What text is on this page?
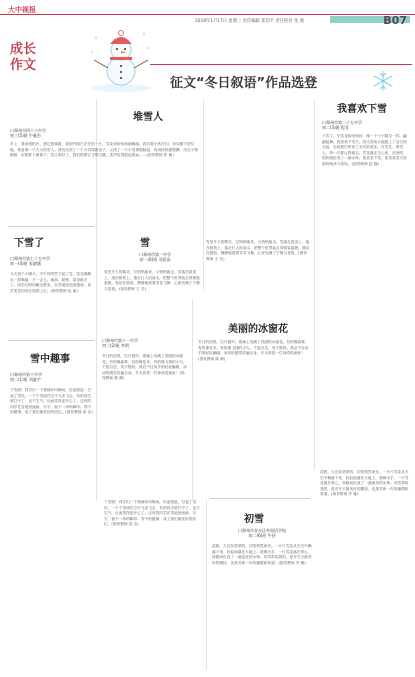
大中视报
2018年1月17日 星期三 责任编辑 崔印平 责任校对 张 燕	B07
成长作文
征文“冬日叙语”作品选登
堆雪人
口郑州市四十八中学
初三(5)班 牛雅杰
早上，我来到阳台，透过玻璃窗，看到外面白茫茫的一片，雪花纷纷扬扬地飘落。我拉着小伙伴们，奔向楼下的空地，准备堆一个大大的雪人。我们先滚了一个大雪球做身子，又滚了一个小雪球做脑袋，再用树枝做胳膊，用石子做眼睛，用胡萝卜做鼻子。雪人堆好了，我们围着它又唱又跳，笑声传得很远很远……(指导教师 张 敏)
我喜欢下雪
口郑州市第二十五中学
初二(3)班 程菲
下雪了，小雪花纷纷扬扬，像一个个小精灵一样，翩翩起舞。我喜欢下雪天，因为雪给大地披上了洁白的衣裳，也给我们带来了无尽的欢乐。打雪仗、堆雪人，每一次都让我难忘。雪花落在手心里，凉凉的，很快就化成了一滴水珠。我喜欢下雪，更喜欢雪天里那份纯净与美好。(指导教师 赵 静)
下雪了
口郑州市第七十五中学
初一(4)班 张晓涵
今天是个大晴天，中午却突然下起了雪。雪花像鹅毛一样飘落，不一会儿，地面、树梢、屋顶都白了。同学们纷纷跑出教室，在雪地里追逐嬉戏，欢声笑语回荡在校园上空。(指导教师 赵 丽)
雪
口郑州市第一中学
初一(6)班 刘思雨
雪是冬天的精灵，它悄悄地来，又悄悄地走。雪落在屋顶上，落在树枝上，落在行人的肩头，把整个世界装点得银装素裹。我站在窗前，静静地看着雪花飞舞，心里充满了宁静与喜悦。(指导教师 王 芳)
雪是冬天的精灵，它悄悄地来，又悄悄地走。雪落在屋顶上，落在树枝上，落在行人的肩头，把整个世界装点得银装素裹。我站在窗前，静静地看着雪花飞舞，心里充满了宁静与喜悦。(指导教师 王 芳)
美丽的冰窗花
口郑州市第十一中学
初三(2)班 李明
冬日的清晨，拉开窗帘，玻璃上结满了美丽的冰窗花。有的像森林，有的像花朵，有的像飞翔的小鸟，千姿百态，美不胜收。我忍不住用手指轻轻触碰，冰凉的感觉传遍全身。冬天真是一位神奇的画家！(指导教师 陈 静)
冬日的清晨，拉开窗帘，玻璃上结满了美丽的冰窗花。有的像森林，有的像花朵，有的像飞翔的小鸟，千姿百态，美不胜收。我忍不住用手指轻轻触碰，冰凉的感觉传遍全身。冬天真是一位神奇的画家！(指导教师 陈 静)
雪中趣事
口郑州市第十中学
初二(1)班 刘鑫宇
下雪啦！同学们一下课就冲向操场，你追我赶，打起了雪仗。一个个雪球在空中飞来飞去，有的同学被打中了，也不生气，反而笑得更开心了。还有的同学在雪地里画画、写字，留下一串串脚印。雪中的趣事，成了我们最美好的回忆。(指导教师 高 洁)
下雪啦！同学们一下课就冲向操场，你追我赶，打起了雪仗。一个个雪球在空中飞来飞去，有的同学被打中了，也不生气，反而笑得更开心了。还有的同学在雪地里画画、写字，留下一串串脚印。雪中的趣事，成了我们最美好的回忆。(指导教师 高 洁)	初雪
口郑州市金水区外国语学校
初二(6)班 牛舒
清晨，天还灰蒙蒙的，初雪悄然而至。一片片雪花从天空中飘落下来，轻轻地落在大地上。我伸出手，一片雪花落在掌心，转眼间化成了一滴晶莹的水珠。初雪带给我的，是对冬天最美好的期待，也是对新一年的憧憬和希望。(指导教师 齐 娜)
清晨，天还灰蒙蒙的，初雪悄然而至。一片片雪花从天空中飘落下来，轻轻地落在大地上。我伸出手，一片雪花落在掌心，转眼间化成了一滴晶莹的水珠。初雪带给我的，是对冬天最美好的期待，也是对新一年的憧憬和希望。(指导教师 齐 娜)
